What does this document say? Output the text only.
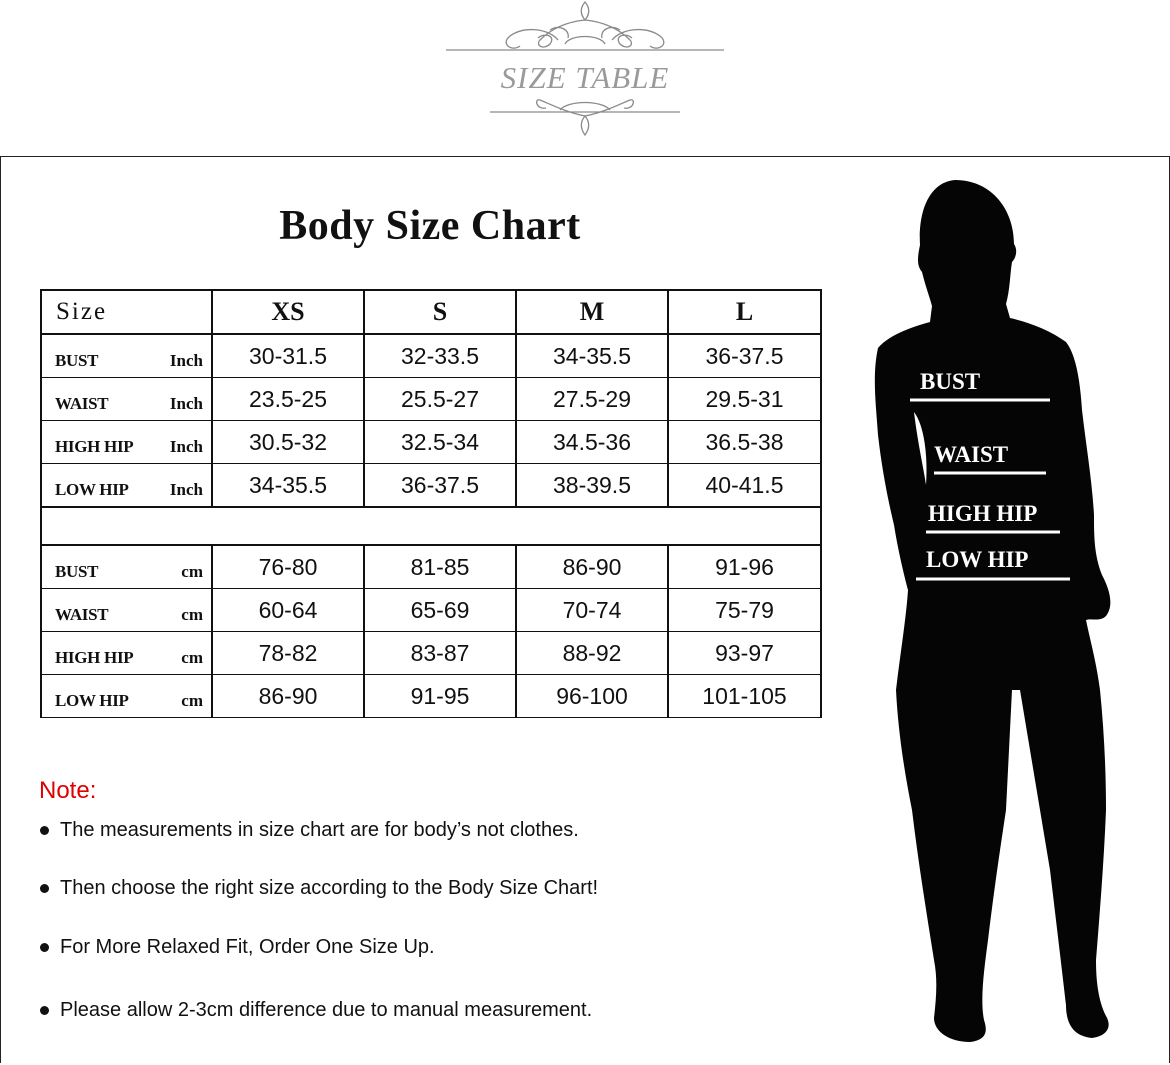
SIZE TABLE
Body Size Chart
Size	XS	S	M	L

BUST Inch	30-31.5	32-33.5	34-35.5	36-37.5

WAIST Inch	23.5-25	25.5-27	27.5-29	29.5-31

HIGH HIP Inch	30.5-32	32.5-34	34.5-36	36.5-38

LOW HIP Inch	34-35.5	36-37.5	38-39.5	40-41.5

BUST cm	76-80	81-85	86-90	91-96

WAIST cm	60-64	65-69	70-74	75-79

HIGH HIP cm	78-82	83-87	88-92	93-97

LOW HIP cm	86-90	91-95	96-100	101-105
Note:
The measurements in size chart are for body’s not clothes.
Then choose the right size according to the Body Size Chart!
For More Relaxed Fit, Order One Size Up.
Please allow 2-3cm difference due to manual measurement.
BUST
WAIST
HIGH HIP
LOW HIP
